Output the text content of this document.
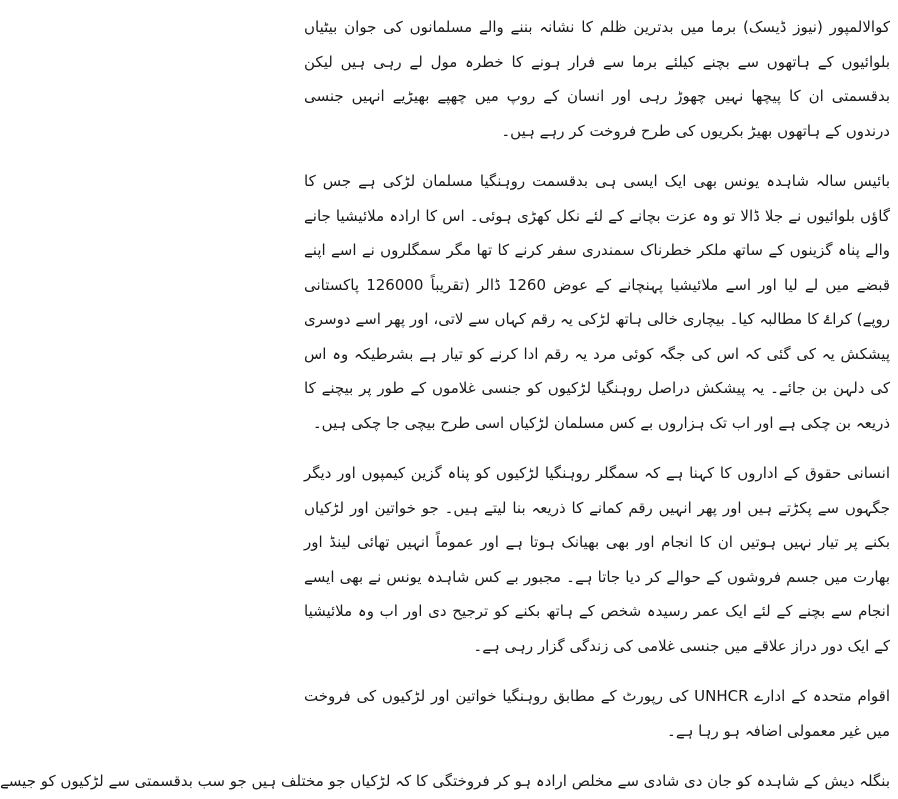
کوالالمپور (نیوز ڈیسک) برما میں بدترین ظلم کا نشانہ بننے والے مسلمانوں کی جوان بیٹیاں بلوائیوں کے ہاتھوں سے بچنے کیلئے برما سے فرار ہونے کا خطرہ مول لے رہی ہیں لیکن بدقسمتی ان کا پیچھا نہیں چھوڑ رہی اور انسان کے روپ میں چھپے بھیڑیے انہیں جنسی درندوں کے ہاتھوں بھیڑ بکریوں کی طرح فروخت کر رہے ہیں۔

بائیس سالہ شاہدہ یونس بھی ایک ایسی ہی بدقسمت روہنگیا مسلمان لڑکی ہے جس کا گاؤں بلوائیوں نے جلا ڈالا تو وہ عزت بچانے کے لئے نکل کھڑی ہوئی۔ اس کا ارادہ ملائیشیا جانے والے پناہ گزینوں کے ساتھ ملکر خطرناک سمندری سفر کرنے کا تھا مگر سمگلروں نے اسے اپنے قبضے میں لے لیا اور اسے ملائیشیا پہنچانے کے عوض 1260 ڈالر (تقریباً 126000 پاکستانی روپے) کراۓ کا مطالبہ کیا۔ بیچاری خالی ہاتھ لڑکی یہ رقم کہاں سے لاتی، اور پھر اسے دوسری پیشکش یہ کی گئی کہ اس کی جگہ کوئی مرد یہ رقم ادا کرنے کو تیار ہے بشرطیکہ وہ اس کی دلہن بن جائے۔ یہ پیشکش دراصل روہنگیا لڑکیوں کو جنسی غلاموں کے طور پر بیچنے کا ذریعہ بن چکی ہے اور اب تک ہزاروں بے کس مسلمان لڑکیاں اسی طرح بیچی جا چکی ہیں۔

انسانی حقوق کے اداروں کا کہنا ہے کہ سمگلر روہنگیا لڑکیوں کو پناہ گزین کیمپوں اور دیگر جگہوں سے پکڑتے ہیں اور پھر انہیں رقم کمانے کا ذریعہ بنا لیتے ہیں۔ جو خواتین اور لڑکیاں بکنے پر تیار نہیں ہوتیں ان کا انجام اور بھی بھیانک ہوتا ہے اور عموماً انہیں تھائی لینڈ اور بھارت میں جسم فروشوں کے حوالے کر دیا جاتا ہے۔ مجبور بے کس شاہدہ یونس نے بھی ایسے انجام سے بچنے کے لئے ایک عمر رسیدہ شخص کے ہاتھ بکنے کو ترجیح دی اور اب وہ ملائیشیا کے ایک دور دراز علاقے میں جنسی غلامی کی زندگی گزار رہی ہے۔

اقوام متحدہ کے ادارے UNHCR کی رپورٹ کے مطابق روہنگیا خواتین اور لڑکیوں کی فروخت میں غیر معمولی اضافہ ہو رہا ہے۔

بنگلہ دیش کے شاہدہ کو جان دی شادی سے مخلص ارادہ ہو کر فروختگی کا کہ لڑکیاں جو مختلف ہیں جو سب بدقسمتی سے لڑکیوں کو جیسے
